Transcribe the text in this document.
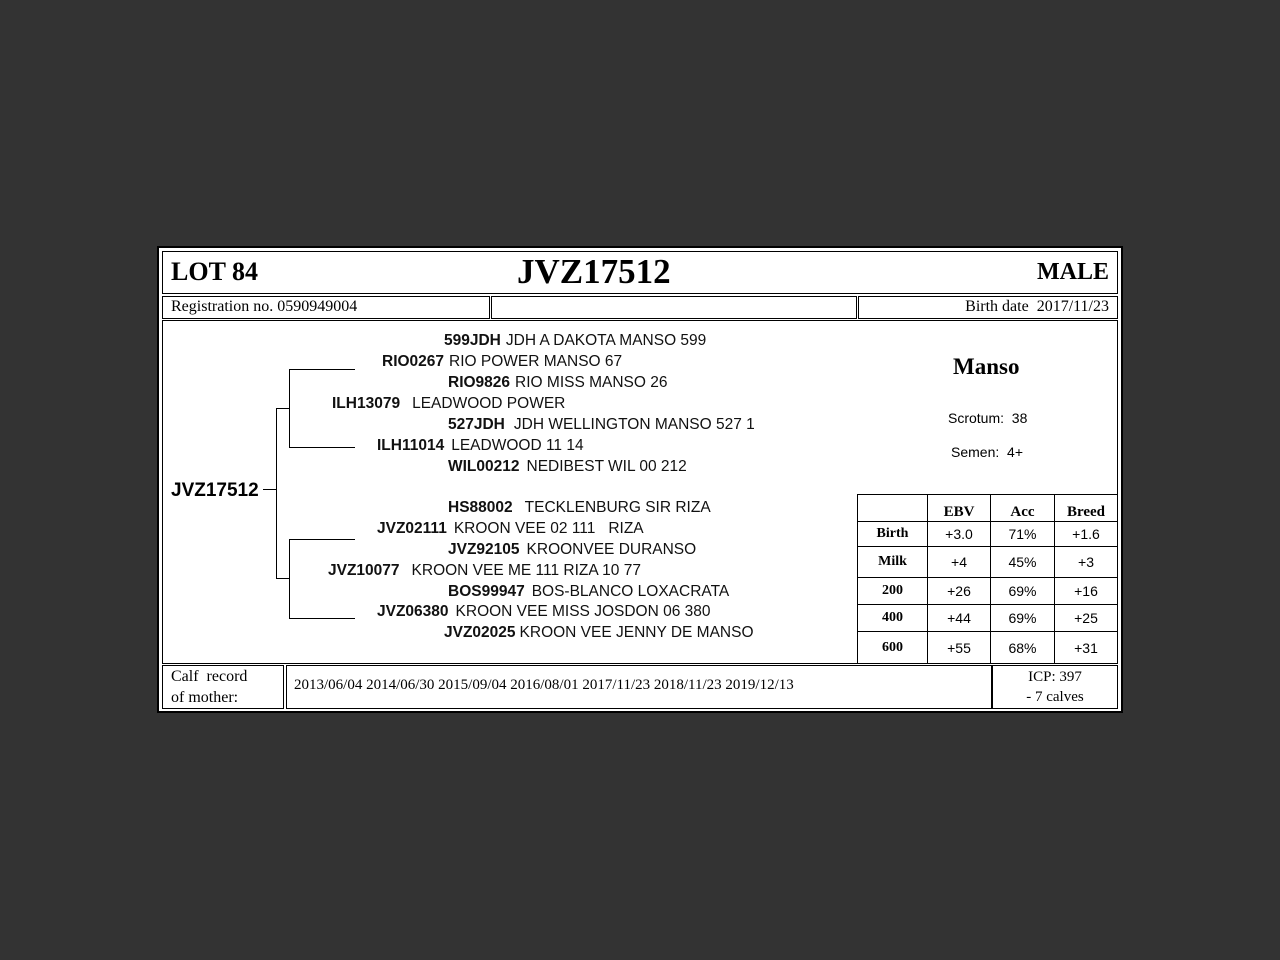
LOT 84	JVZ17512	MALE
Registration no. 0590949004	Birth date  2017/11/23
JVZ17512
599JDH JDH A DAKOTA MANSO 599
RIO0267 RIO POWER MANSO 67
RIO9826 RIO MISS MANSO 26
ILH13079 LEADWOOD POWER
527JDH JDH WELLINGTON MANSO 527 1
ILH11014 LEADWOOD 11 14
WIL00212 NEDIBEST WIL 00 212
HS88002 TECKLENBURG SIR RIZA
JVZ02111 KROON VEE 02 111   RIZA
JVZ92105 KROONVEE DURANSO
JVZ10077 KROON VEE ME 111 RIZA 10 77
BOS99947 BOS-BLANCO LOXACRATA
JVZ06380 KROON VEE MISS JOSDON 06 380
JVZ02025 KROON VEE JENNY DE MANSO
Manso
Scrotum:  38
Semen:  4+
	EBV	Acc	Breed
Birth	+3.0	71%	+1.6
Milk	+4	45%	+3
200	+26	69%	+16
400	+44	69%	+25
600	+55	68%	+31
Calf  record
of mother:
2013/06/04 2014/06/30 2015/09/04 2016/08/01 2017/11/23 2018/11/23 2019/12/13	ICP: 397
- 7 calves
